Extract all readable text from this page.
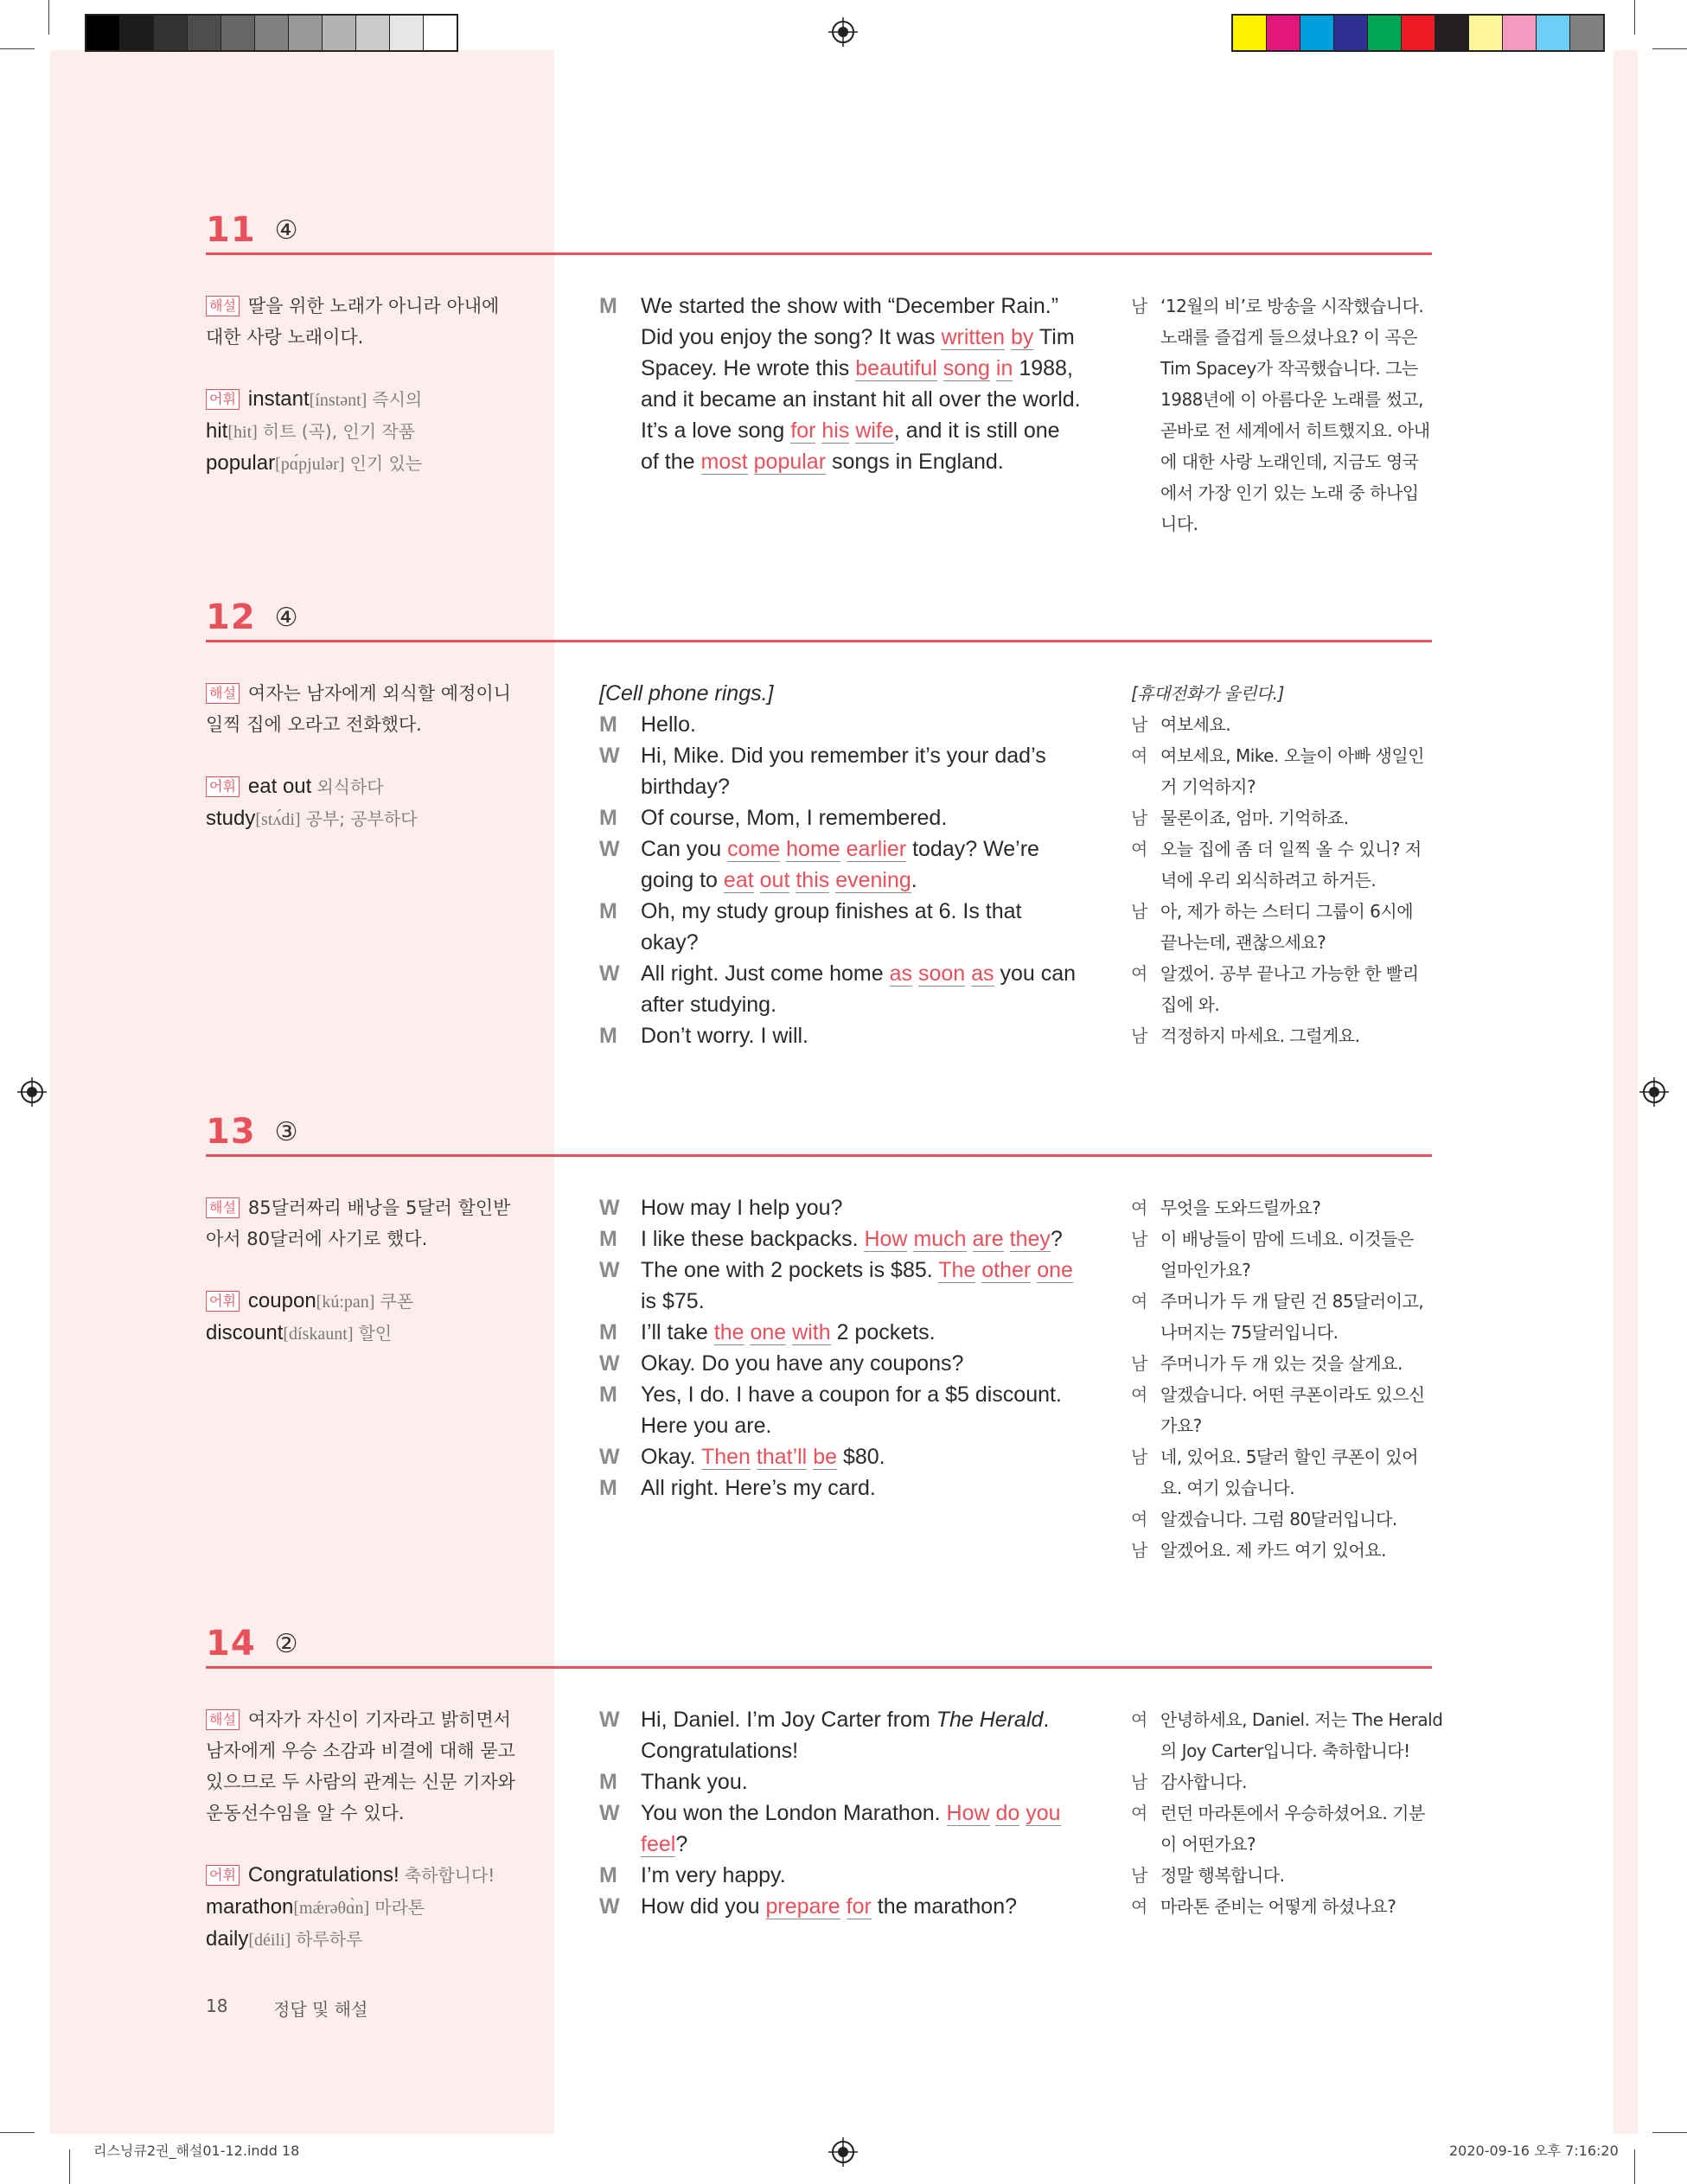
11 ④
해설 딸을 위한 노래가 아니라 아내에 대한 사랑 노래이다.
어휘 instant[ínstənt] 즉시의
hit[hit] 히트 (곡), 인기 작품
popular[pɑ́pjulər] 인기 있는
M We started the show with “December Rain.”
Did you enjoy the song? It was written by Tim
Spacey. He wrote this beautiful song in 1988,
and it became an instant hit all over the world.
It’s a love song for his wife, and it is still one
of the most popular songs in England.
남 ‘12월의 비’로 방송을 시작했습니다.
노래를 즐겁게 들으셨나요? 이 곡은
Tim Spacey가 작곡했습니다. 그는
1988년에 이 아름다운 노래를 썼고,
곧바로 전 세계에서 히트했지요. 아내
에 대한 사랑 노래인데, 지금도 영국
에서 가장 인기 있는 노래 중 하나입
니다.
12 ④
해설 여자는 남자에게 외식할 예정이니 일찍 집에 오라고 전화했다.
어휘 eat out 외식하다
study[stʌ́di] 공부; 공부하다
[Cell phone rings.]
M Hello.
W Hi, Mike. Did you remember it’s your dad’s
birthday?
M Of course, Mom, I remembered.
W Can you come home earlier today? We’re
going to eat out this evening.
M Oh, my study group finishes at 6. Is that
okay?
W All right. Just come home as soon as you can
after studying.
M Don’t worry. I will.
[휴대전화가 울린다.]
남 여보세요.
여 여보세요, Mike. 오늘이 아빠 생일인
거 기억하지?
남 물론이죠, 엄마. 기억하죠.
여 오늘 집에 좀 더 일찍 올 수 있니? 저
녁에 우리 외식하려고 하거든.
남 아, 제가 하는 스터디 그룹이 6시에
끝나는데, 괜찮으세요?
여 알겠어. 공부 끝나고 가능한 한 빨리
집에 와.
남 걱정하지 마세요. 그럴게요.
13 ③
해설 85달러짜리 배낭을 5달러 할인받아서 80달러에 사기로 했다.
어휘 coupon[kú:pan] 쿠폰
discount[dískaunt] 할인
W How may I help you?
M I like these backpacks. How much are they?
W The one with 2 pockets is $85. The other one
is $75.
M I’ll take the one with 2 pockets.
W Okay. Do you have any coupons?
M Yes, I do. I have a coupon for a $5 discount.
Here you are.
W Okay. Then that’ll be $80.
M All right. Here’s my card.
여 무엇을 도와드릴까요?
남 이 배낭들이 맘에 드네요. 이것들은
얼마인가요?
여 주머니가 두 개 달린 건 85달러이고,
나머지는 75달러입니다.
남 주머니가 두 개 있는 것을 살게요.
여 알겠습니다. 어떤 쿠폰이라도 있으신
가요?
남 네, 있어요. 5달러 할인 쿠폰이 있어
요. 여기 있습니다.
여 알겠습니다. 그럼 80달러입니다.
남 알겠어요. 제 카드 여기 있어요.
14 ②
해설 여자가 자신이 기자라고 밝히면서 남자에게 우승 소감과 비결에 대해 묻고 있으므로 두 사람의 관계는 신문 기자와 운동선수임을 알 수 있다.
어휘 Congratulations! 축하합니다!
marathon[mǽrəθɑ̀n] 마라톤
daily[déili] 하루하루
W Hi, Daniel. I’m Joy Carter from The Herald.
Congratulations!
M Thank you.
W You won the London Marathon. How do you
feel?
M I’m very happy.
W How did you prepare for the marathon?
여 안녕하세요, Daniel. 저는 The Herald
의 Joy Carter입니다. 축하합니다!
남 감사합니다.
여 런던 마라톤에서 우승하셨어요. 기분
이 어떤가요?
남 정말 행복합니다.
여 마라톤 준비는 어떻게 하셨나요?
18	정답 및 해설
리스닝큐2권_해설01-12.indd 18	2020-09-16 오후 7:16:20
